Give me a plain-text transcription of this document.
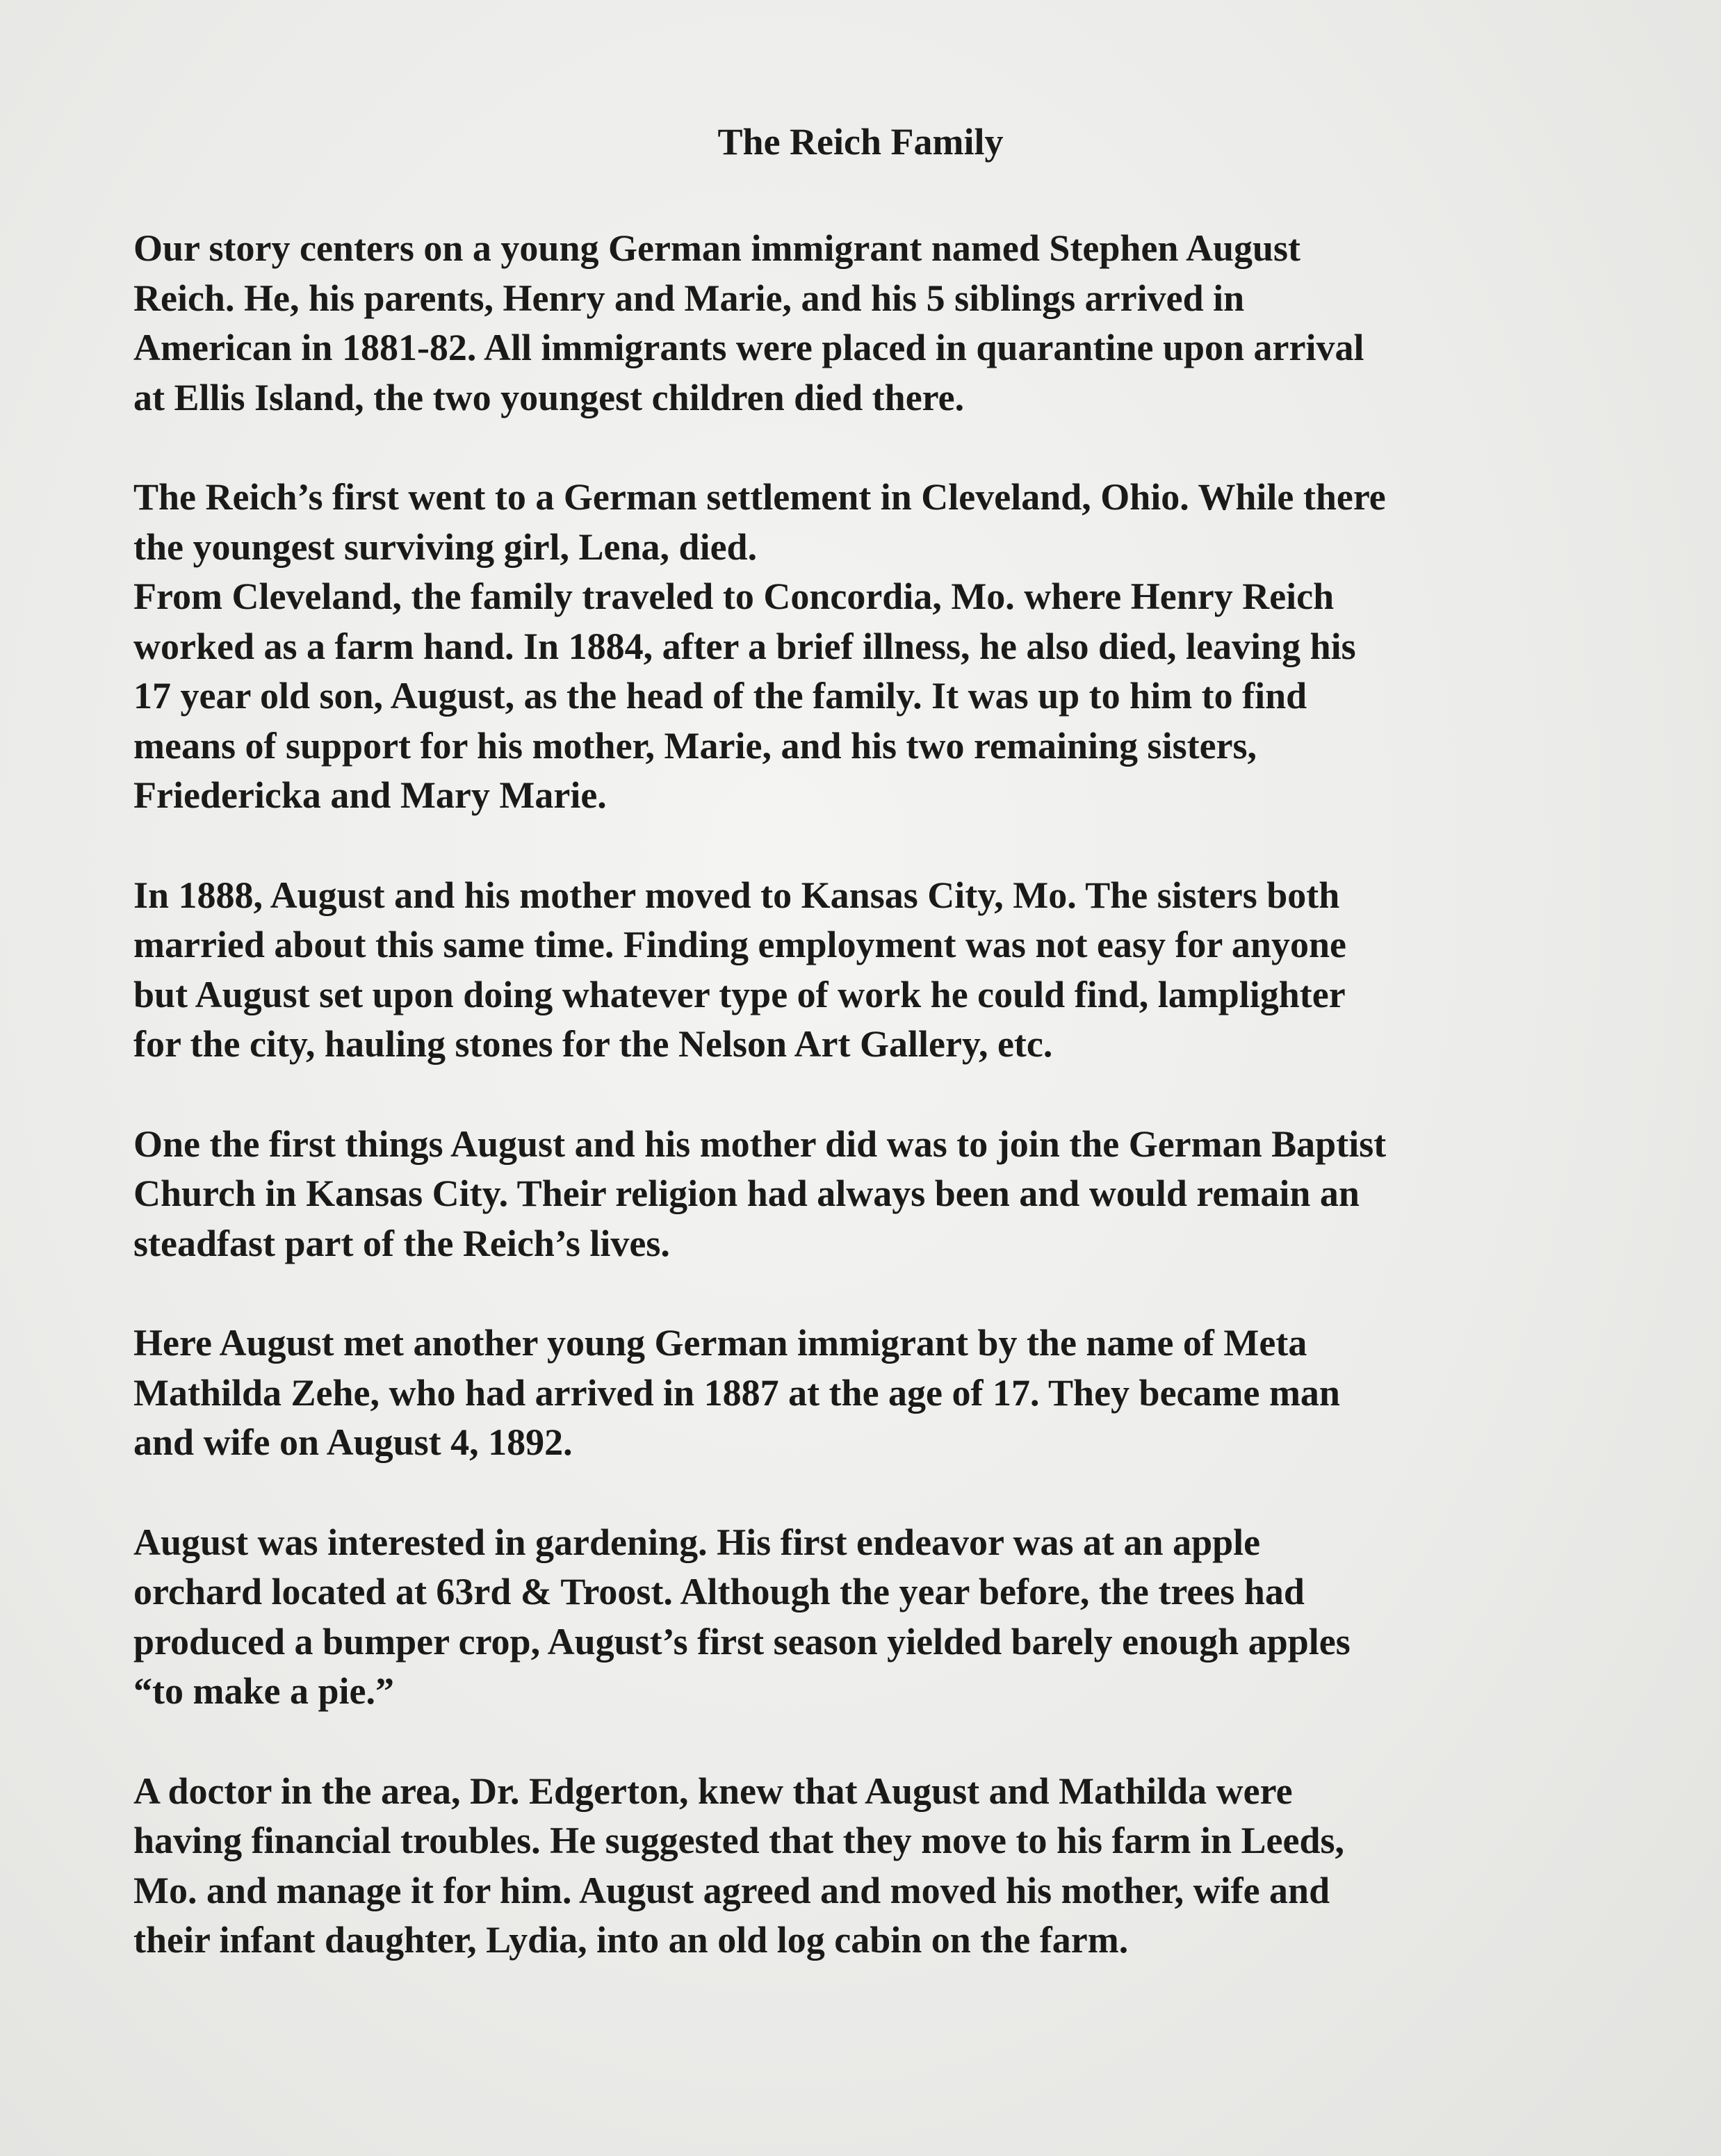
The Reich Family

Our story centers on a young German immigrant named Stephen August
Reich. He, his parents, Henry and Marie, and his 5 siblings arrived in
American in 1881-82. All immigrants were placed in quarantine upon arrival
at Ellis Island, the two youngest children died there.

The Reich’s first went to a German settlement in Cleveland, Ohio. While there
the youngest surviving girl, Lena, died.

From Cleveland, the family traveled to Concordia, Mo. where Henry Reich
worked as a farm hand. In 1884, after a brief illness, he also died, leaving his
17 year old son, August, as the head of the family. It was up to him to find
means of support for his mother, Marie, and his two remaining sisters,
Friedericka and Mary Marie.

In 1888, August and his mother moved to Kansas City, Mo. The sisters both
married about this same time. Finding employment was not easy for anyone
but August set upon doing whatever type of work he could find, lamplighter
for the city, hauling stones for the Nelson Art Gallery, etc.

One the first things August and his mother did was to join the German Baptist
Church in Kansas City. Their religion had always been and would remain an
steadfast part of the Reich’s lives.

Here August met another young German immigrant by the name of Meta
Mathilda Zehe, who had arrived in 1887 at the age of 17. They became man
and wife on August 4, 1892.

August was interested in gardening. His first endeavor was at an apple
orchard located at 63rd & Troost. Although the year before, the trees had
produced a bumper crop, August’s first season yielded barely enough apples
“to make a pie.”

A doctor in the area, Dr. Edgerton, knew that August and Mathilda were
having financial troubles. He suggested that they move to his farm in Leeds,
Mo. and manage it for him. August agreed and moved his mother, wife and
their infant daughter, Lydia, into an old log cabin on the farm.
